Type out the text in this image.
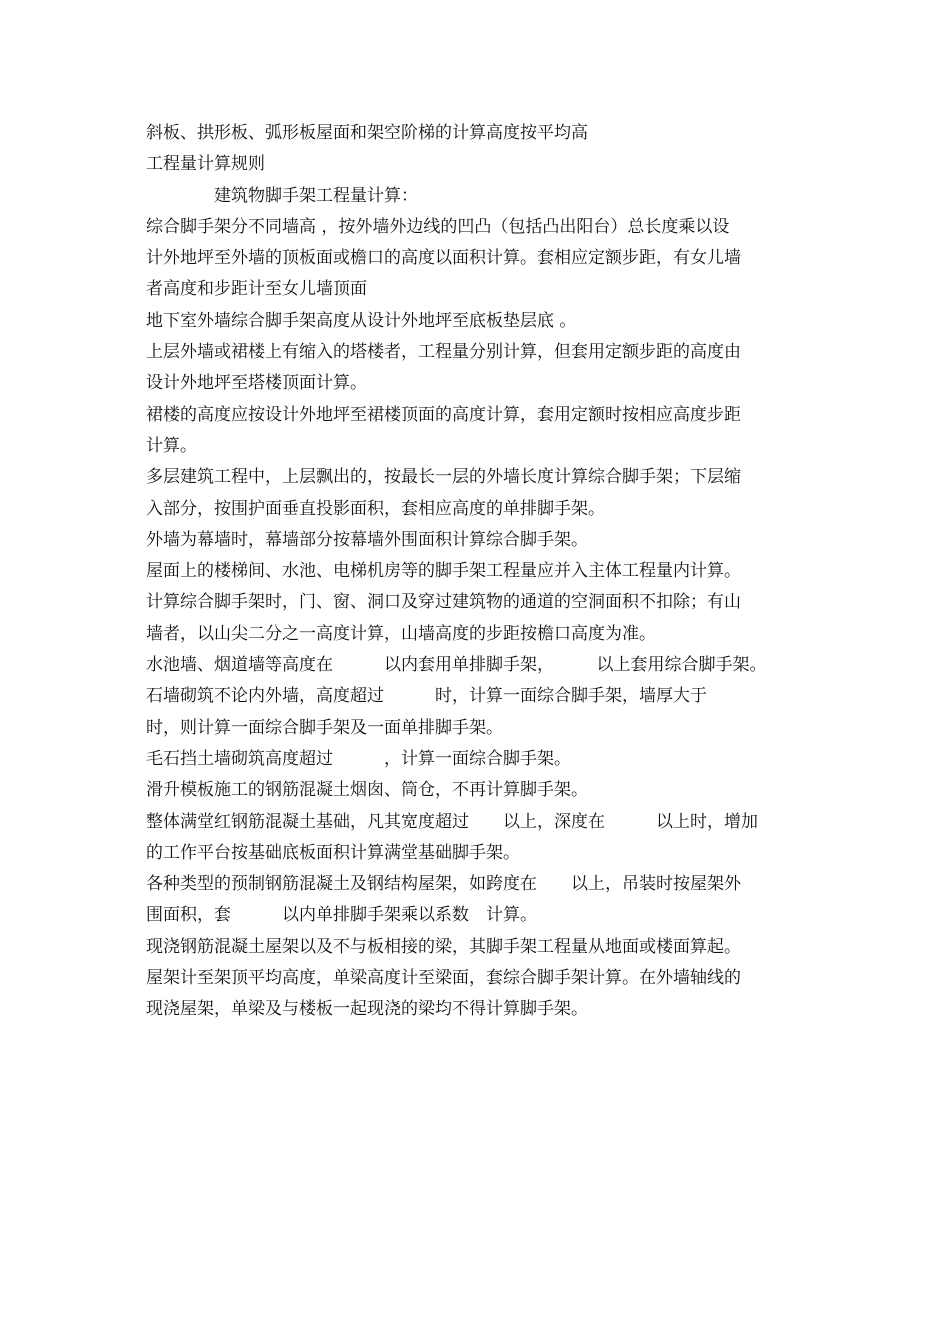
斜板、拱形板、弧形板屋面和架空阶梯的计算高度按平均高
工程量计算规则
建筑物脚手架工程量计算：
综合脚手架分不同墙高 ，按外墙外边线的凹凸（包括凸出阳台）总长度乘以设
计外地坪至外墙的顶板面或檐口的高度以面积计算。套相应定额步距，有女儿墙
者高度和步距计至女儿墙顶面
地下室外墙综合脚手架高度从设计外地坪至底板垫层底 。
上层外墙或裙楼上有缩入的塔楼者，工程量分别计算，但套用定额步距的高度由
设计外地坪至塔楼顶面计算。
裙楼的高度应按设计外地坪至裙楼顶面的高度计算，套用定额时按相应高度步距
计算。
多层建筑工程中，上层飘出的，按最长一层的外墙长度计算综合脚手架；下层缩
入部分，按围护面垂直投影面积，套相应高度的单排脚手架。
外墙为幕墙时，幕墙部分按幕墙外围面积计算综合脚手架。
屋面上的楼梯间、水池、电梯机房等的脚手架工程量应并入主体工程量内计算。
计算综合脚手架时，门、窗、洞口及穿过建筑物的通道的空洞面积不扣除；有山
墙者，以山尖二分之一高度计算，山墙高度的步距按檐口高度为准。
水池墙、烟道墙等高度在　　　以内套用单排脚手架，　　　以上套用综合脚手架。
石墙砌筑不论内外墙，高度超过　　　时，计算一面综合脚手架，墙厚大于
时，则计算一面综合脚手架及一面单排脚手架。
毛石挡土墙砌筑高度超过　　　，计算一面综合脚手架。
滑升模板施工的钢筋混凝土烟囱、筒仓，不再计算脚手架。
整体满堂红钢筋混凝土基础，凡其宽度超过　　以上，深度在　　　以上时，增加
的工作平台按基础底板面积计算满堂基础脚手架。
各种类型的预制钢筋混凝土及钢结构屋架，如跨度在　　以上，吊装时按屋架外
围面积，套　　　以内单排脚手架乘以系数　计算。
现浇钢筋混凝土屋架以及不与板相接的梁，其脚手架工程量从地面或楼面算起。
屋架计至架顶平均高度，单梁高度计至梁面，套综合脚手架计算。在外墙轴线的
现浇屋架，单梁及与楼板一起现浇的梁均不得计算脚手架。
